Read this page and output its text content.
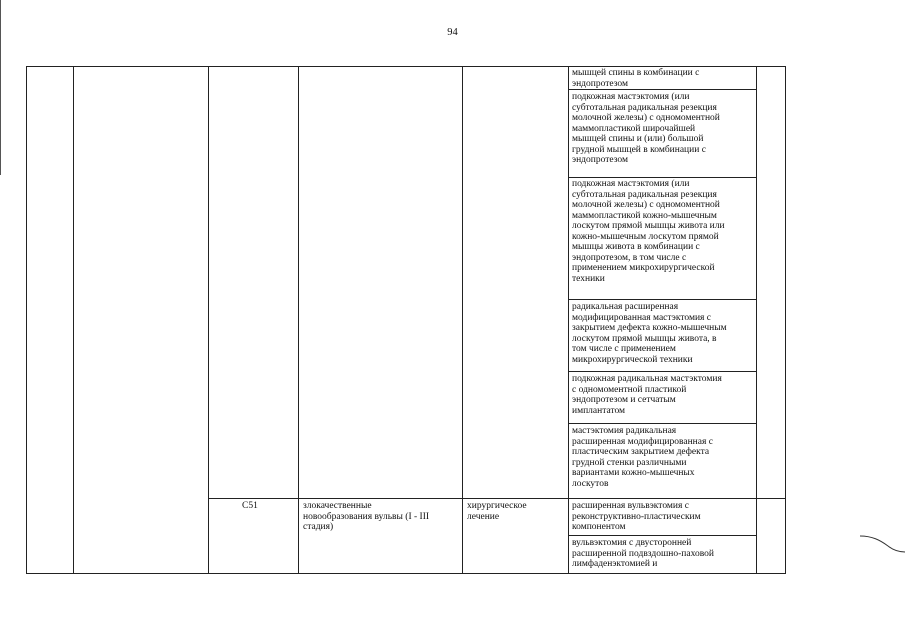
94
мышцей спины в комбинации с
эндопротезом
подкожная мастэктомия (или
субтотальная радикальная резекция
молочной железы) с одномоментной
маммопластикой широчайшей
мышцей спины и (или) большой
грудной мышцей в комбинации с
эндопротезом
подкожная мастэктомия (или
субтотальная радикальная резекция
молочной железы) с одномоментной
маммопластикой кожно-мышечным
лоскутом прямой мышцы живота или
кожно-мышечным лоскутом прямой
мышцы живота в комбинации с
эндопротезом, в том числе с
применением микрохирургической
техники
радикальная расширенная
модифицированная мастэктомия с
закрытием дефекта кожно-мышечным
лоскутом прямой мышцы живота, в
том числе с применением
микрохирургической техники
подкожная радикальная мастэктомия
с одномоментной пластикой
эндопротезом и сетчатым
имплантатом
мастэктомия радикальная
расширенная модифицированная с
пластическим закрытием дефекта
грудной стенки различными
вариантами кожно-мышечных
лоскутов
расширенная вульвэктомия с
реконструктивно-пластическим
компонентом
вульвэктомия с двусторонней
расширенной подвздошно-паховой
лимфаденэктомией и
C51	злокачественные
новообразования вульвы (I - III
стадия)
хирургическое
лечение
